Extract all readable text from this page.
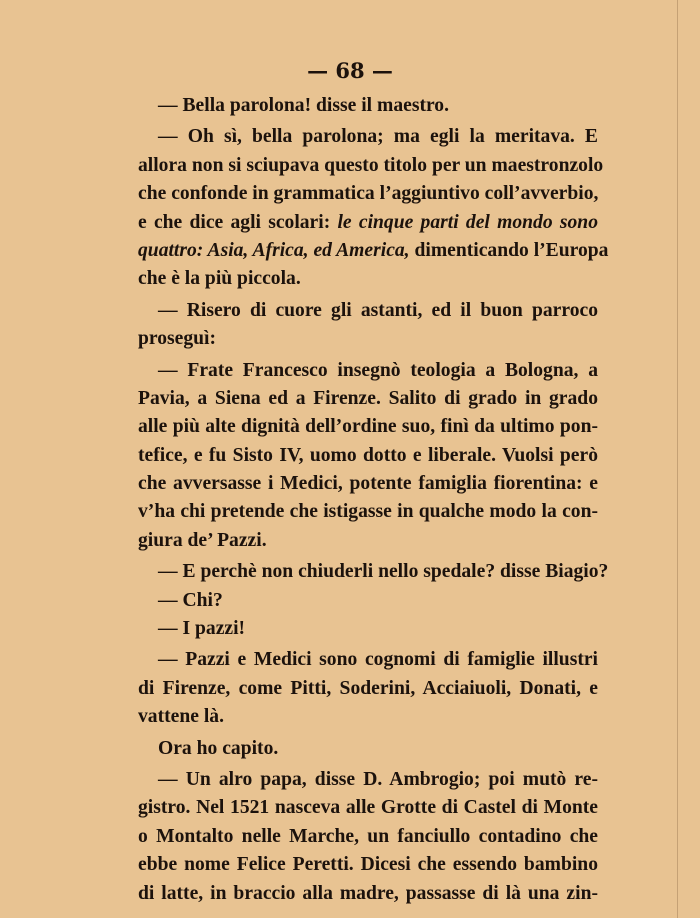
— 68 —
— Bella parolona! disse il maestro.
— Oh sì, bella parolona; ma egli la meritava. E
allora non si sciupava questo titolo per un maestronzolo
che confonde in grammatica l’aggiuntivo coll’avverbio,
e che dice agli scolari: le cinque parti del mondo sono
quattro: Asia, Africa, ed America, dimenticando l’Europa
che è la più piccola.
— Risero di cuore gli astanti, ed il buon parroco
proseguì:
— Frate Francesco insegnò teologia a Bologna, a
Pavia, a Siena ed a Firenze. Salito di grado in grado
alle più alte dignità dell’ordine suo, finì da ultimo pon-
tefice, e fu Sisto IV, uomo dotto e liberale. Vuolsi però
che avversasse i Medici, potente famiglia fiorentina: e
v’ha chi pretende che istigasse in qualche modo la con-
giura de’ Pazzi.
— E perchè non chiuderli nello spedale? disse Biagio?
— Chi?
— I pazzi!
— Pazzi e Medici sono cognomi di famiglie illustri
di Firenze, come Pitti, Soderini, Acciaiuoli, Donati, e
vattene là.
Ora ho capito.
— Un alro papa, disse D. Ambrogio; poi mutò re-
gistro. Nel 1521 nasceva alle Grotte di Castel di Monte
o Montalto nelle Marche, un fanciullo contadino che
ebbe nome Felice Peretti. Dicesi che essendo bambino
di latte, in braccio alla madre, passasse di là una zin-
